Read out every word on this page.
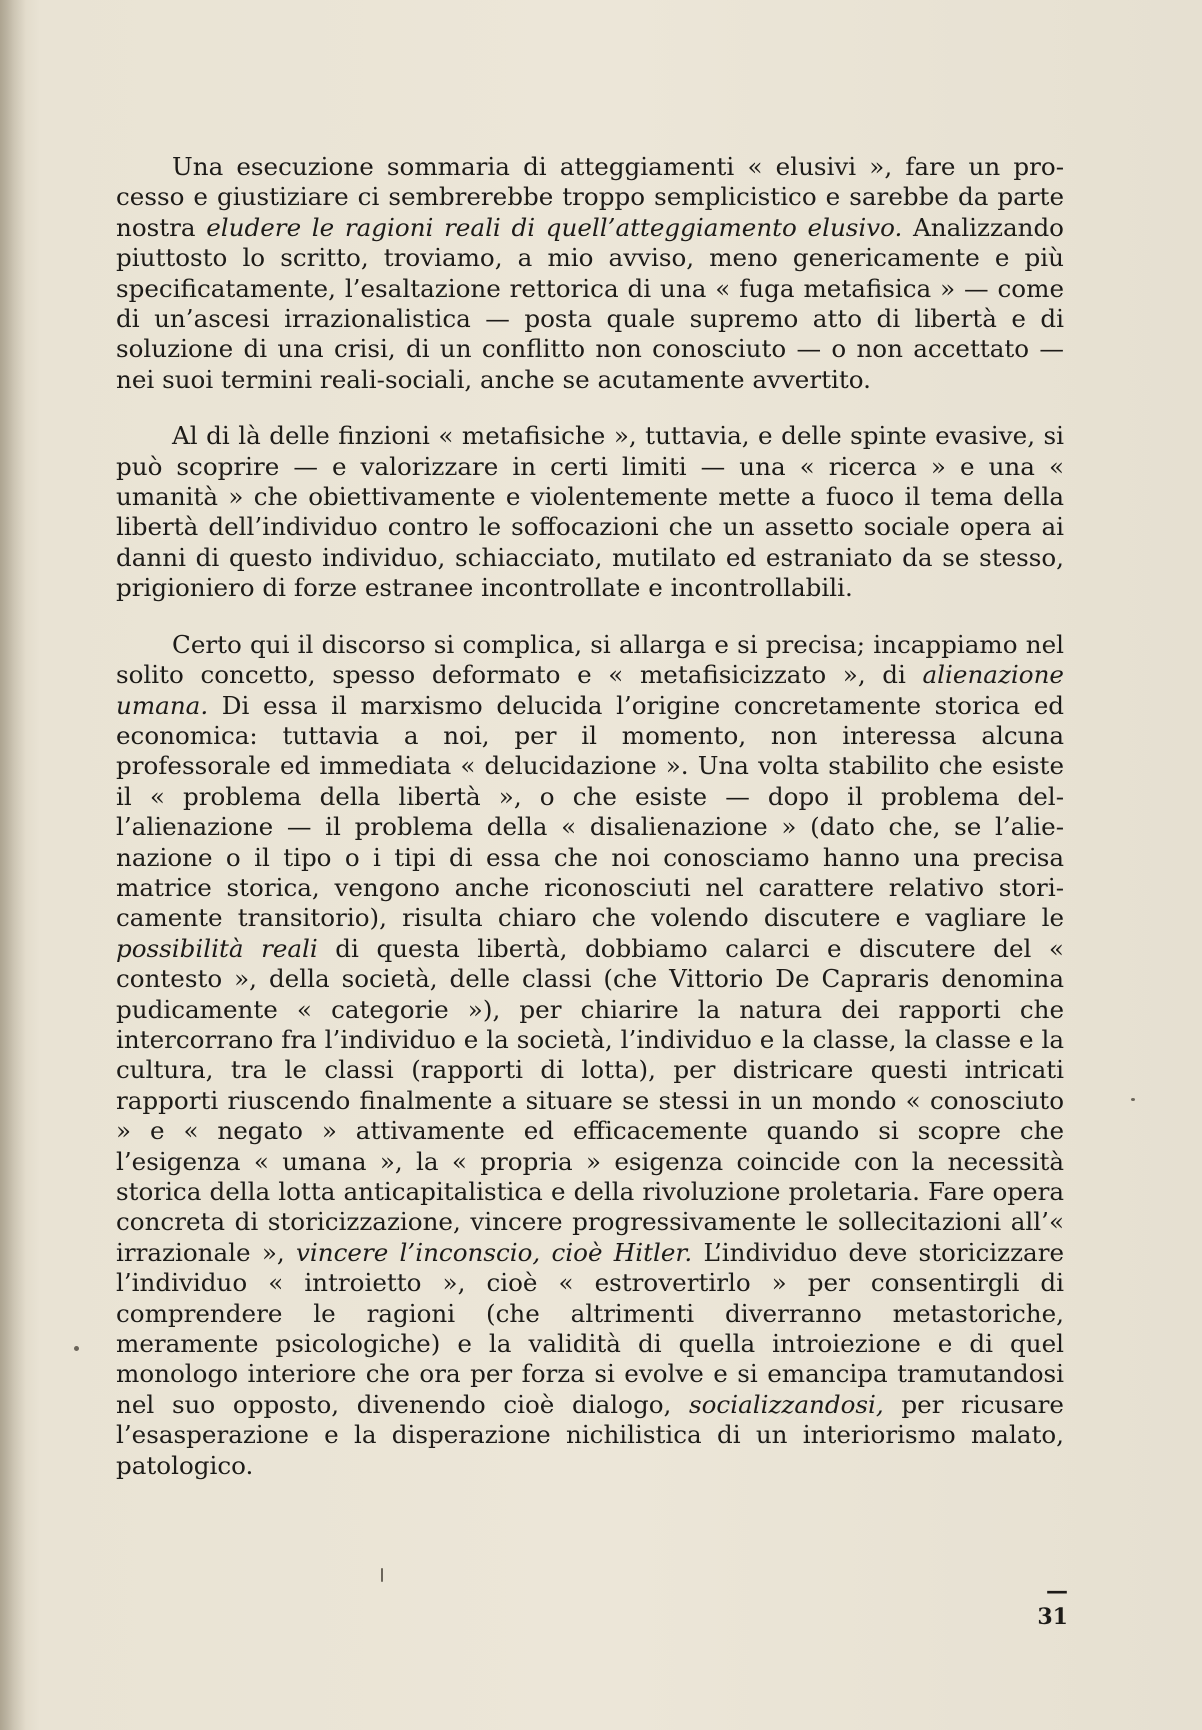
Una esecuzione sommaria di atteggiamenti « elusivi », fare un processo e giustiziare ci sembrerebbe troppo semplicistico e sarebbe da parte nostra eludere le ragioni reali di quell’atteggiamento elusivo. Analizzando piuttosto lo scritto, troviamo, a mio avviso, meno genericamente e più specificatamente, l’esaltazione rettorica di una « fuga metafisica » — come di un’ascesi irrazionalistica — posta quale supremo atto di libertà e di soluzione di una crisi, di un conflitto non conosciuto — o non accettato — nei suoi termini reali-sociali, anche se acutamente avvertito.

Al di là delle finzioni « metafisiche », tuttavia, e delle spinte evasive, si può scoprire — e valorizzare in certi limiti — una « ricerca » e una « umanità » che obiettivamente e violentemente mette a fuoco il tema della libertà dell’individuo contro le soffocazioni che un assetto sociale opera ai danni di questo individuo, schiacciato, mutilato ed estraniato da se stesso, prigioniero di forze estranee incontrollate e incontrollabili.

Certo qui il discorso si complica, si allarga e si precisa; incappiamo nel solito concetto, spesso deformato e « metafisicizzato », di alienazione umana. Di essa il marxismo delucida l’origine concretamente storica ed economica: tuttavia a noi, per il momento, non interessa alcuna professorale ed immediata « delucidazione ». Una volta stabilito che esiste il « problema della libertà », o che esiste — dopo il problema dell’alienazione — il problema della « disalienazione » (dato che, se l’alienazione o il tipo o i tipi di essa che noi conosciamo hanno una precisa matrice storica, vengono anche riconosciuti nel carattere relativo storicamente transitorio), risulta chiaro che volendo discutere e vagliare le possibilità reali di questa libertà, dobbiamo calarci e discutere del « contesto », della società, delle classi (che Vittorio De Capraris denomina pudicamente « categorie »), per chiarire la natura dei rapporti che intercorrano fra l’individuo e la società, l’individuo e la classe, la classe e la cultura, tra le classi (rapporti di lotta), per districare questi intricati rapporti riuscendo finalmente a situare se stessi in un mondo « conosciuto » e « negato » attivamente ed efficacemente quando si scopre che l’esigenza « umana », la « propria » esigenza coincide con la necessità storica della lotta anticapitalistica e della rivoluzione proletaria. Fare opera concreta di storicizzazione, vincere progressivamente le sollecitazioni all’« irrazionale », vincere l’inconscio, cioè Hitler. L’individuo deve storicizzare l’individuo « introietto », cioè « estrovertirlo » per consentirgli di comprendere le ragioni (che altrimenti diverranno metastoriche, meramente psicologiche) e la validità di quella introiezione e di quel monologo interiore che ora per forza si evolve e si emancipa tramutandosi nel suo opposto, divenendo cioè dialogo, socializzandosi, per ricusare l’esasperazione e la disperazione nichilistica di un interiorismo malato, patologico.

— 31
